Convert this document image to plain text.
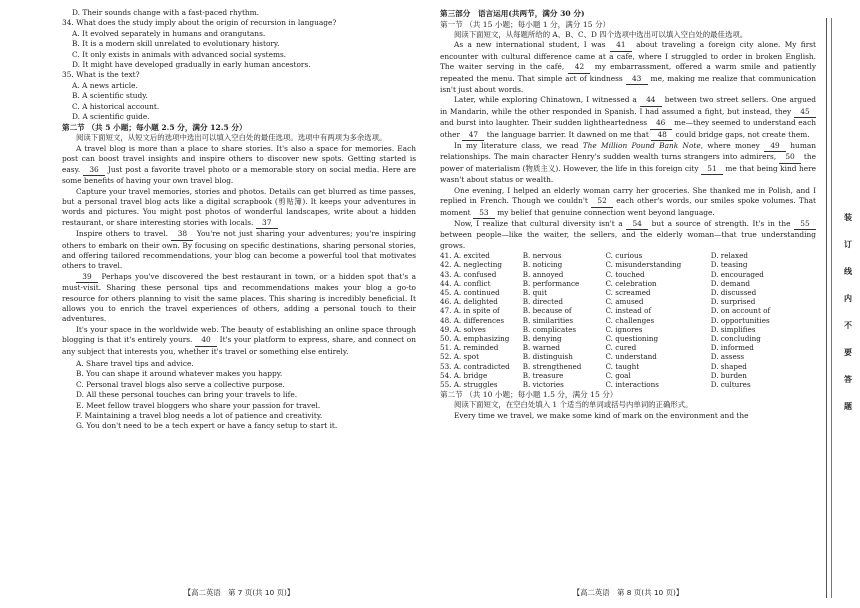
D. Their sounds change with a fast-paced rhythm.
34. What does the study imply about the origin of recursion in language?
A. It evolved separately in humans and orangutans.
B. It is a modern skill unrelated to evolutionary history.
C. It only exists in animals with advanced social systems.
D. It might have developed gradually in early human ancestors.
35. What is the text?
A. A news article.
B. A scientific study.
C. A historical account.
D. A scientific guide.
第二节 （共 5 小题；每小题 2.5 分，满分 12.5 分）
阅读下面短文，从短文后的选项中选出可以填入空白处的最佳选项。选项中有两项为多余选项。
A travel blog is more than a place to share stories. It's also a space for memories. Each post can boost travel insights and inspire others to discover new spots. Getting started is easy. 36 Just post a favorite travel photo or a memorable story on social media. Here are some benefits of having your own travel blog.
Capture your travel memories, stories and photos. Details can get blurred as time passes, but a personal travel blog acts like a digital scrapbook (剪贴簿). It keeps your adventures in words and pictures. You might post photos of wonderful landscapes, write about a hidden restaurant, or share interesting stories with locals. 37
Inspire others to travel. 38 You're not just sharing your adventures; you're inspiring others to embark on their own. By focusing on specific destinations, sharing personal stories, and offering tailored recommendations, your blog can become a powerful tool that motivates others to travel.
39 Perhaps you've discovered the best restaurant in town, or a hidden spot that's a must-visit. Sharing these personal tips and recommendations makes your blog a go-to resource for others planning to visit the same places. This sharing is incredibly beneficial. It allows you to enrich the travel experiences of others, adding a personal touch to their adventures.
It's your space in the worldwide web. The beauty of establishing an online space through blogging is that it's entirely yours. 40 It's your platform to express, share, and connect on any subject that interests you, whether it's travel or something else entirely.
A. Share travel tips and advice.
B. You can shape it around whatever makes you happy.
C. Personal travel blogs also serve a collective purpose.
D. All these personal touches can bring your travels to life.
E. Meet fellow travel bloggers who share your passion for travel.
F. Maintaining a travel blog needs a lot of patience and creativity.
G. You don't need to be a tech expert or have a fancy setup to start it.
【高二英语　第 7 页(共 10 页)】
第三部分　语言运用(共两节，满分 30 分)
第一节 （共 15 小题；每小题 1 分，满分 15 分）
阅读下面短文，从每题所给的 A、B、C、D 四个选项中选出可以填入空白处的最佳选项。
As a new international student, I was 41 about traveling a foreign city alone. My first encounter with cultural difference came at a cafe, where I struggled to order in broken English. The waiter serving in the café, 42 my embarrassment, offered a warm smile and patiently repeated the menu. That simple act of kindness 43 me, making me realize that communication isn't just about words.
Later, while exploring Chinatown, I witnessed a 44 between two street sellers. One argued in Mandarin, while the other responded in Spanish. I had assumed a fight, but instead, they 45 and burst into laughter. Their sudden lightheartedness 46 me—they seemed to understand each other 47 the language barrier. It dawned on me that 48 could bridge gaps, not create them.
In my literature class, we read The Million Pound Bank Note, where money 49 human relationships. The main character Henry's sudden wealth turns strangers into admirers, 50 the power of materialism (物质主义). However, the life in this foreign city 51 me that being kind here wasn't about status or wealth.
One evening, I helped an elderly woman carry her groceries. She thanked me in Polish, and I replied in French. Though we couldn't 52 each other's words, our smiles spoke volumes. That moment 53 my belief that genuine connection went beyond language.
Now, I realize that cultural diversity isn't a 54 but a source of strength. It's in the 55 between people—like the waiter, the sellers, and the elderly woman—that true understanding grows.
41. A. excited	B. nervous	C. curious	D. relaxed
42. A. neglecting	B. noticing	C. misunderstanding	D. teasing
43. A. confused	B. annoyed	C. touched	D. encouraged
44. A. conflict	B. performance	C. celebration	D. demand
45. A. continued	B. quit	C. screamed	D. discussed
46. A. delighted	B. directed	C. amused	D. surprised
47. A. in spite of	B. because of	C. instead of	D. on account of
48. A. differences	B. similarities	C. challenges	D. opportunities
49. A. solves	B. complicates	C. ignores	D. simplifies
50. A. emphasizing	B. denying	C. questioning	D. concluding
51. A. reminded	B. warned	C. cured	D. informed
52. A. spot	B. distinguish	C. understand	D. assess
53. A. contradicted	B. strengthened	C. taught	D. shaped
54. A. bridge	B. treasure	C. goal	D. burden
55. A. struggles	B. victories	C. interactions	D. cultures
第二节 （共 10 小题；每小题 1.5 分，满分 15 分）
阅读下面短文，在空白处填入 1 个适当的单词或括号内单词的正确形式。
Every time we travel, we make some kind of mark on the environment and the
【高二英语　第 8 页(共 10 页)】
装
订
线
内
不
要
答
题
